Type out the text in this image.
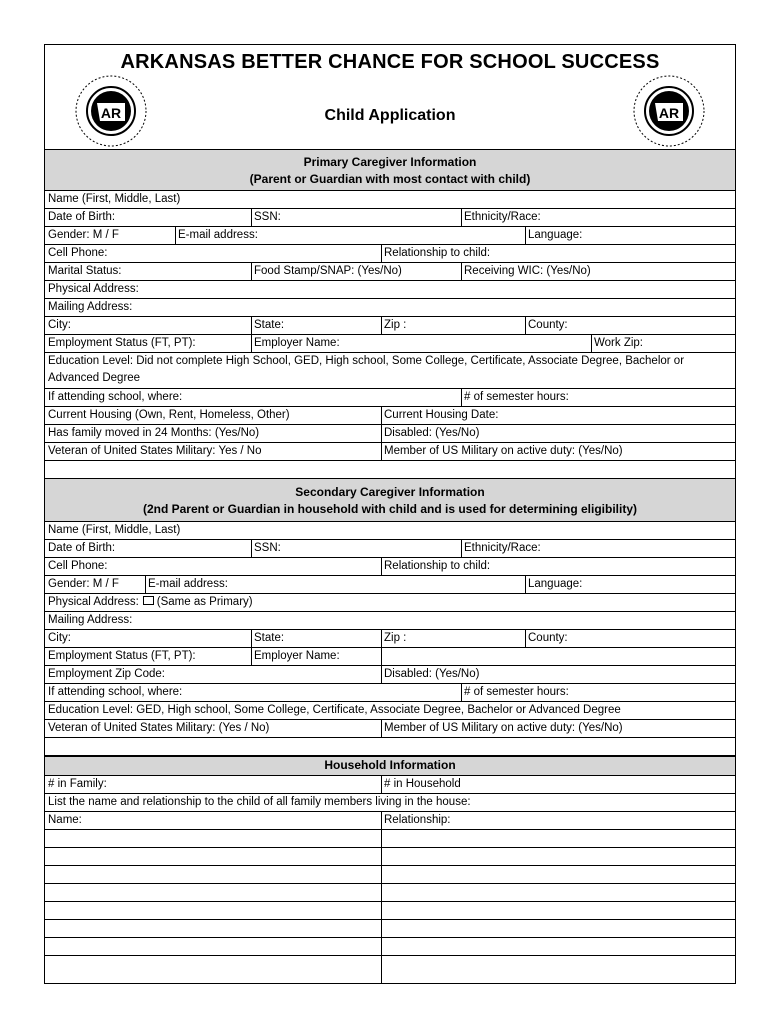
ARKANSAS BETTER CHANCE FOR SCHOOL SUCCESS
Child Application
AR	AR
Primary Caregiver Information
(Parent or Guardian with most contact with child)
Name (First, Middle, Last)
Date of Birth:	SSN:	Ethnicity/Race:
Gender: M / F	E-mail address:	Language:
Cell Phone:	Relationship to child:
Marital Status:	Food Stamp/SNAP: (Yes/No)	Receiving WIC: (Yes/No)
Physical Address:
Mailing Address:
City:	State:	Zip :	County:
Employment Status (FT, PT):	Employer Name:	Work Zip:
Education Level: Did not complete High School, GED, High school, Some College, Certificate, Associate Degree, Bachelor or Advanced Degree
If attending school, where:	# of semester hours:
Current Housing (Own, Rent, Homeless, Other)	Current Housing Date:
Has family moved in 24 Months: (Yes/No)	Disabled: (Yes/No)
Veteran of United States Military: Yes / No	Member of US Military on active duty: (Yes/No)
Secondary Caregiver Information
(2nd Parent or Guardian in household with child and is used for determining eligibility)
Name (First, Middle, Last)
Date of Birth:	SSN:	Ethnicity/Race:
Cell Phone:	Relationship to child:
Gender: M / F	E-mail address:	Language:
Physical Address: (Same as Primary)
Mailing Address:
City:	State:	Zip :	County:
Employment Status (FT, PT):	Employer Name:
Employment Zip Code:	Disabled: (Yes/No)
If attending school, where:	# of semester hours:
Education Level: GED, High school, Some College, Certificate, Associate Degree, Bachelor or Advanced Degree
Veteran of United States Military: (Yes / No)	Member of US Military on active duty: (Yes/No)
Household Information
# in Family:	# in Household
List the name and relationship to the child of all family members living in the house:
Name:	Relationship:
